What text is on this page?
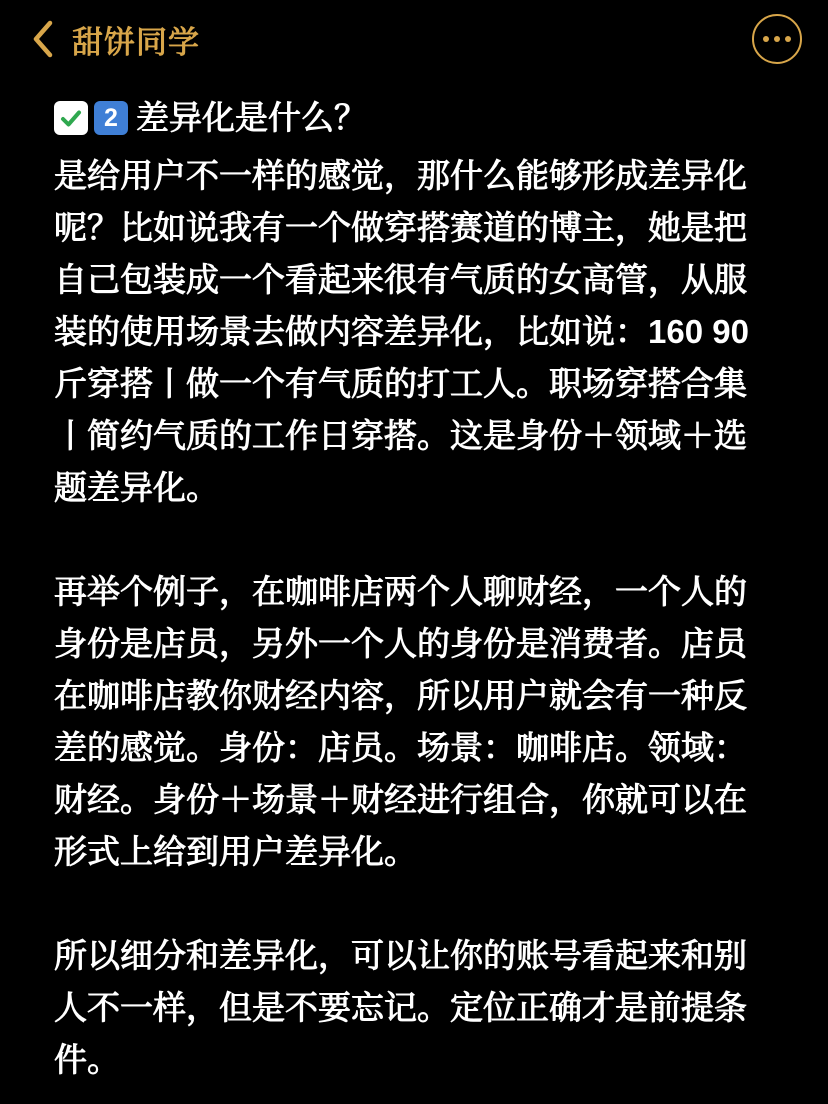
甜饼同学
2 差异化是什么？

是给用户不一样的感觉，那什么能够形成差异化呢？比如说我有一个做穿搭赛道的博主，她是把自己包装成一个看起来很有气质的女高管，从服装的使用场景去做内容差异化，比如说：160 90斤穿搭丨做一个有气质的打工人。职场穿搭合集丨简约气质的工作日穿搭。这是身份＋领域＋选题差异化。

再举个例子，在咖啡店两个人聊财经，一个人的身份是店员，另外一个人的身份是消费者。店员在咖啡店教你财经内容，所以用户就会有一种反差的感觉。身份：店员。场景：咖啡店。领域：财经。身份＋场景＋财经进行组合，你就可以在形式上给到用户差异化。

所以细分和差异化，可以让你的账号看起来和别人不一样，但是不要忘记。定位正确才是前提条件。
